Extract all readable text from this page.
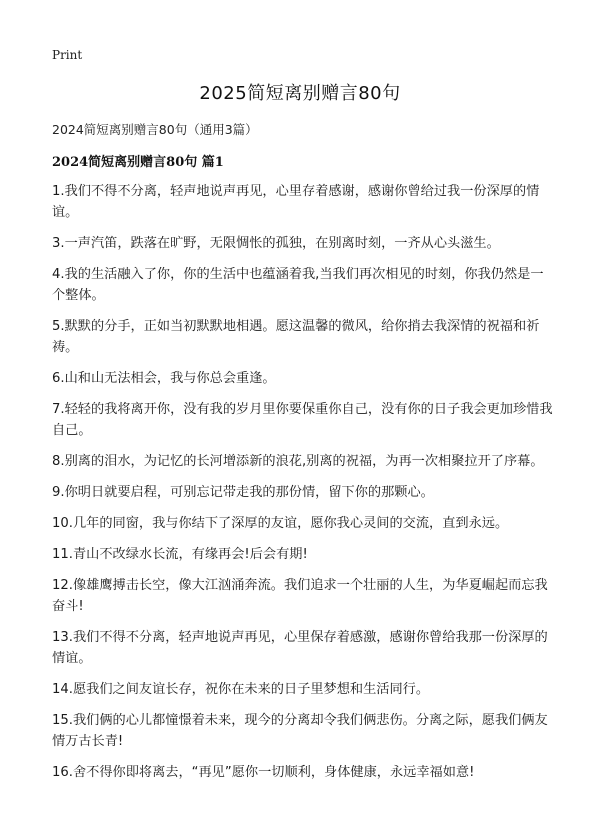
Print
2025简短离别赠言80句
2024简短离别赠言80句（通用3篇）
2024简短离别赠言80句 篇1
1.我们不得不分离，轻声地说声再见，心里存着感谢，感谢你曾给过我一份深厚的情谊。
3.一声汽笛，跌落在旷野，无限惆怅的孤独，在别离时刻，一齐从心头滋生。
4.我的生活融入了你，你的生活中也蕴涵着我,当我们再次相见的时刻，你我仍然是一个整体。
5.默默的分手，正如当初默默地相遇。愿这温馨的微风，给你捎去我深情的祝福和祈祷。
6.山和山无法相会，我与你总会重逢。
7.轻轻的我将离开你，没有我的岁月里你要保重你自己，没有你的日子我会更加珍惜我自己。
8.别离的泪水，为记忆的长河增添新的浪花,别离的祝福，为再一次相聚拉开了序幕。
9.你明日就要启程，可别忘记带走我的那份情，留下你的那颗心。
10.几年的同窗，我与你结下了深厚的友谊，愿你我心灵间的交流，直到永远。
11.青山不改绿水长流，有缘再会!后会有期!
12.像雄鹰搏击长空，像大江汹涌奔流。我们追求一个壮丽的人生，为华夏崛起而忘我奋斗!
13.我们不得不分离，轻声地说声再见，心里保存着感激，感谢你曾给我那一份深厚的情谊。
14.愿我们之间友谊长存，祝你在未来的日子里梦想和生活同行。
15.我们俩的心儿都憧憬着未来，现今的分离却令我们俩悲伤。分离之际，愿我们俩友情万古长青!
16.舍不得你即将离去，“再见”愿你一切顺利，身体健康，永远幸福如意!
